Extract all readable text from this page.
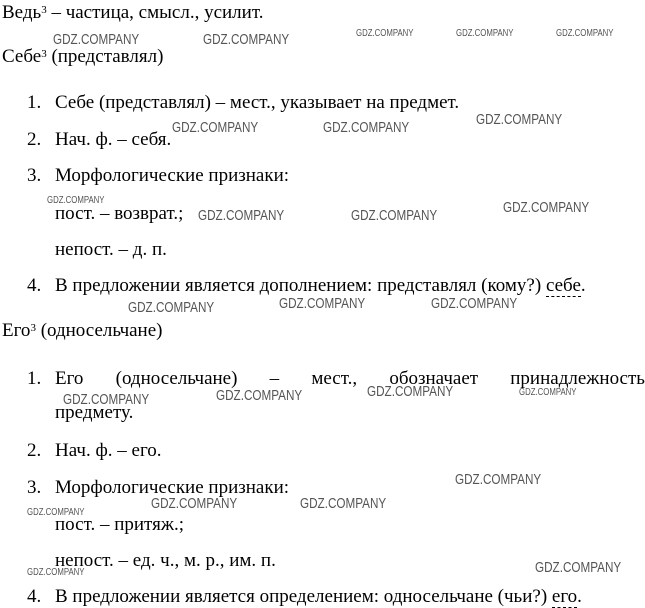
Ведь$^3$ – частица, смысл., усилит.
Себе$^3$ (представлял)
1. Себе (представлял) – мест., указывает на предмет.
2. Нач. ф. – себя.
3. Морфологические признаки:
пост. – возврат.;
непост. – д. п.
4. В предложении является дополнением: представлял (кому?) себе.
Его$^3$ (односельчане)
1. Его (односельчане) – мест., обозначает принадлежность
предмету.
2. Нач. ф. – его.
3. Морфологические признаки:
пост. – притяж.;
непост. – ед. ч., м. р., им. п.
4. В предложении является определением: односельчане (чьи?) его.
GDZ.COMPANY	GDZ.COMPANY	GDZ.COMPANY	GDZ.COMPANY	GDZ.COMPANY
GDZ.COMPANY	GDZ.COMPANY	GDZ.COMPANY
GDZ.COMPANY
GDZ.COMPANY	GDZ.COMPANY	GDZ.COMPANY
GDZ.COMPANY	GDZ.COMPANY	GDZ.COMPANY
GDZ.COMPANY	GDZ.COMPANY	GDZ.COMPANY	GDZ.COMPANY
GDZ.COMPANY
GDZ.COMPANY	GDZ.COMPANY
GDZ.COMPANY
GDZ.COMPANY
GDZ.COMPANY
